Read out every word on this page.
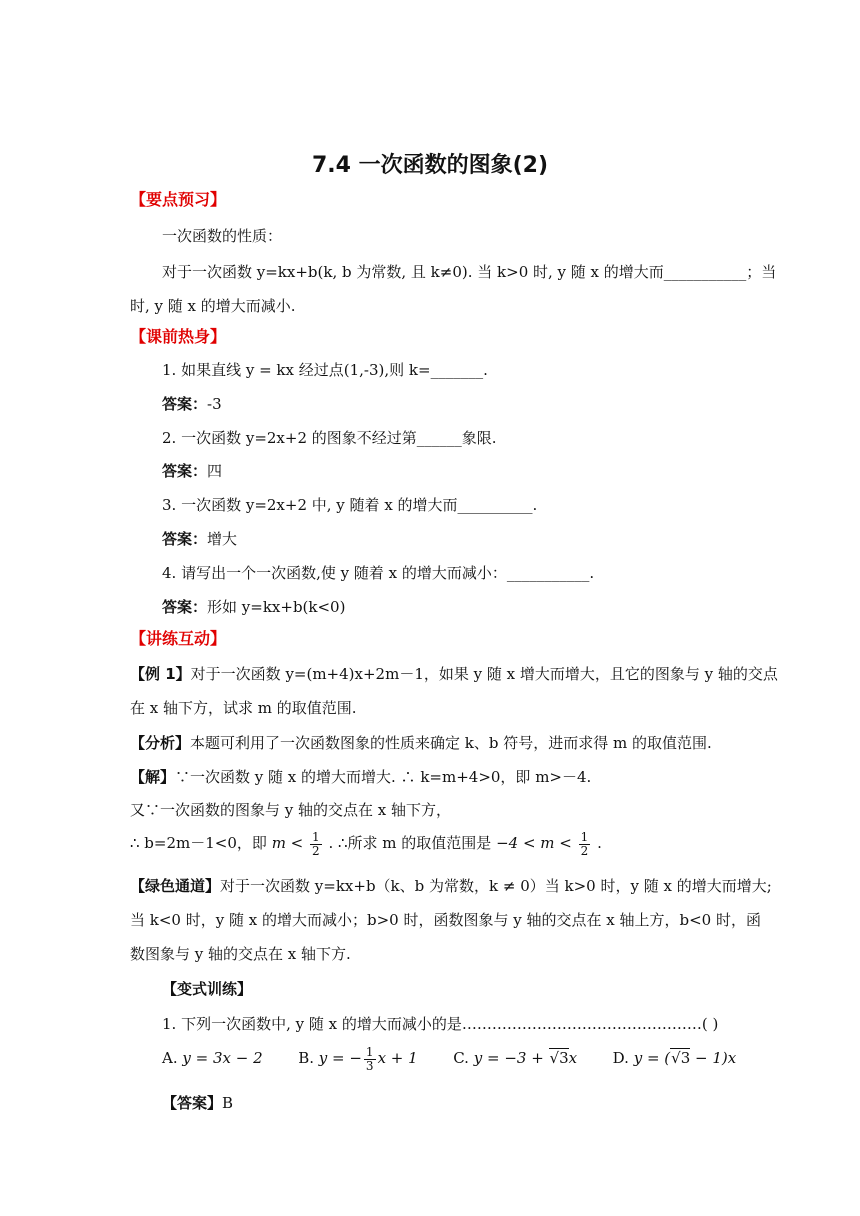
7.4 一次函数的图象(2)
【要点预习】
一次函数的性质：
对于一次函数 y=kx+b(k, b 为常数, 且 k≠0). 当 k>0 时, y 随 x 的增大而___________；当
时, y 随 x 的增大而减小.
【课前热身】
1. 如果直线 y = kx 经过点(1,-3),则 k=_______.
答案：-3
2. 一次函数 y=2x+2 的图象不经过第______象限.
答案：四
3. 一次函数 y=2x+2 中, y 随着 x 的增大而__________.
答案：增大
4. 请写出一个一次函数,使 y 随着 x 的增大而减小：___________.
答案：形如 y=kx+b(k<0)
【讲练互动】
【例 1】对于一次函数 y=(m+4)x+2m－1，如果 y 随 x 增大而增大，且它的图象与 y 轴的交点
在 x 轴下方，试求 m 的取值范围.
【分析】本题可利用了一次函数图象的性质来确定 k、b 符号，进而求得 m 的取值范围.
【解】∵一次函数 y 随 x 的增大而增大. ∴ k=m+4>0，即 m>－4.
又∵一次函数的图象与 y 轴的交点在 x 轴下方，
∴ b=2m－1<0，即 $m < \frac{1}{2}$ . ∴所求 m 的取值范围是 $-4 < m < \frac{1}{2}$ .
【绿色通道】对于一次函数 y=kx+b（k、b 为常数，k ≠ 0）当 k>0 时，y 随 x 的增大而增大;
当 k<0 时，y 随 x 的增大而减小；b>0 时，函数图象与 y 轴的交点在 x 轴上方，b<0 时，函
数图象与 y 轴的交点在 x 轴下方.
【变式训练】
1. 下列一次函数中, y 随 x 的增大而减小的是…………………………………………( )
A. y = 3x − 2 B. y = − $\frac{1}{3}$ x + 1 C. y = −3 + √3x D. y = (√3 − 1)x
【答案】B
